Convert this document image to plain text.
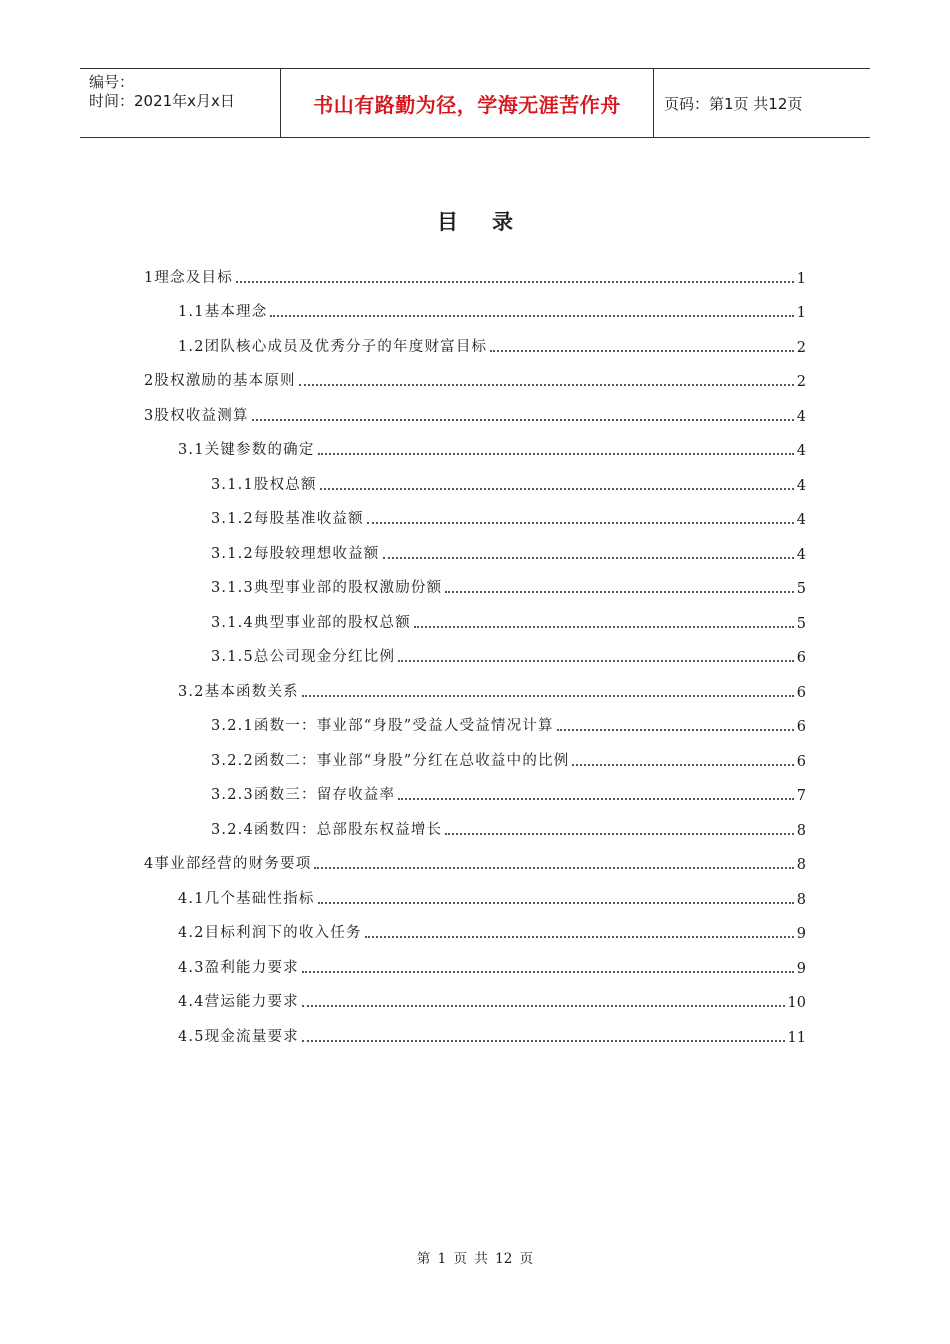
编号：
时间：2021年x月x日	书山有路勤为径，学海无涯苦作舟	页码：第1页 共12页
目录
1理念及目标	1
1.1基本理念	1
1.2团队核心成员及优秀分子的年度财富目标	2
2股权激励的基本原则	2
3股权收益测算	4
3.1关键参数的确定	4
3.1.1股权总额	4
3.1.2每股基准收益额	4
3.1.2每股较理想收益额	4
3.1.3典型事业部的股权激励份额	5
3.1.4典型事业部的股权总额	5
3.1.5总公司现金分红比例	6
3.2基本函数关系	6
3.2.1函数一：事业部“身股”受益人受益情况计算	6
3.2.2函数二：事业部“身股”分红在总收益中的比例	6
3.2.3函数三：留存收益率	7
3.2.4函数四：总部股东权益增长	8
4事业部经营的财务要项	8
4.1几个基础性指标	8
4.2目标利润下的收入任务	9
4.3盈利能力要求	9
4.4营运能力要求	10
4.5现金流量要求	11
第 1 页 共 12 页
